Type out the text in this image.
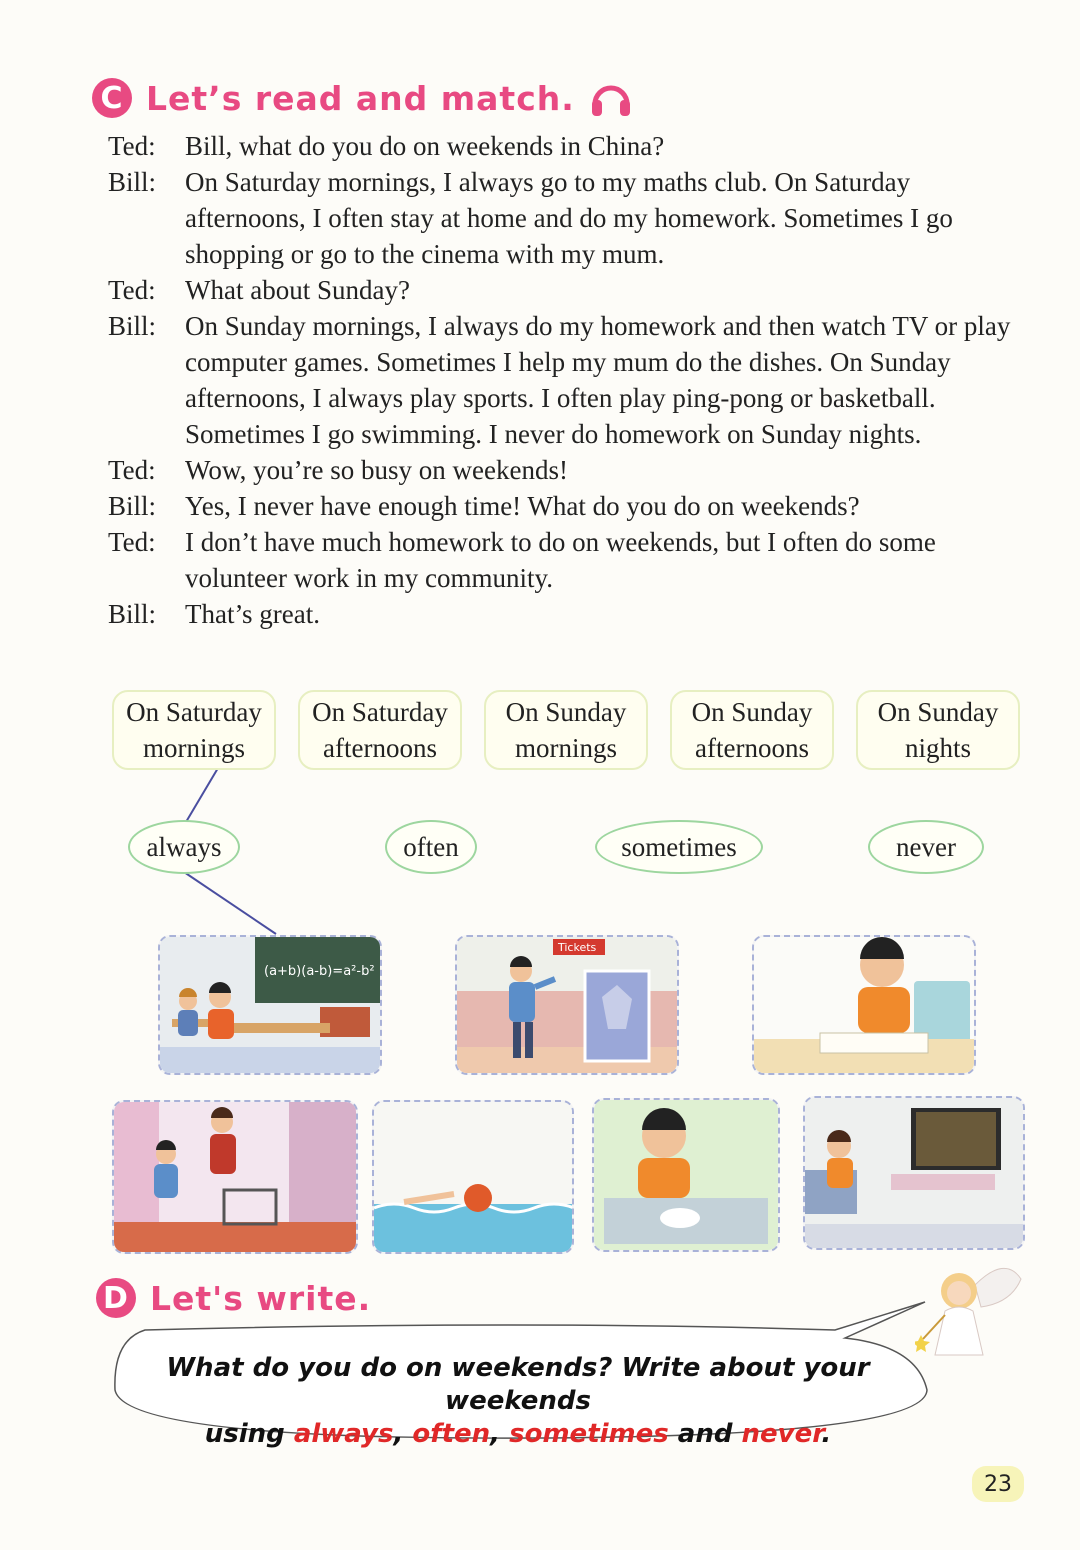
C Let’s read and match.
Ted:	Bill, what do you do on weekends in China?
Bill:	On Saturday mornings, I always go to my maths club. On Saturday afternoons, I often stay at home and do my homework. Sometimes I go shopping or go to the cinema with my mum.
Ted:	What about Sunday?
Bill:	On Sunday mornings, I always do my homework and then watch TV or play computer games. Sometimes I help my mum do the dishes. On Sunday afternoons, I always play sports. I often play ping-pong or basketball. Sometimes I go swimming. I never do homework on Sunday nights.
Ted:	Wow, you’re so busy on weekends!
Bill:	Yes, I never have enough time! What do you do on weekends?
Ted:	I don’t have much homework to do on weekends, but I often do some volunteer work in my community.
Bill:	That’s great.
On Saturday
mornings
On Saturday
afternoons
On Sunday
mornings
On Sunday
afternoons
On Sunday
nights
always	often	sometimes	never
(a+b)(a-b)=a²-b²
Tickets
D Let's write.
What do you do on weekends? Write about your weekends
using always, often, sometimes and never.
23
